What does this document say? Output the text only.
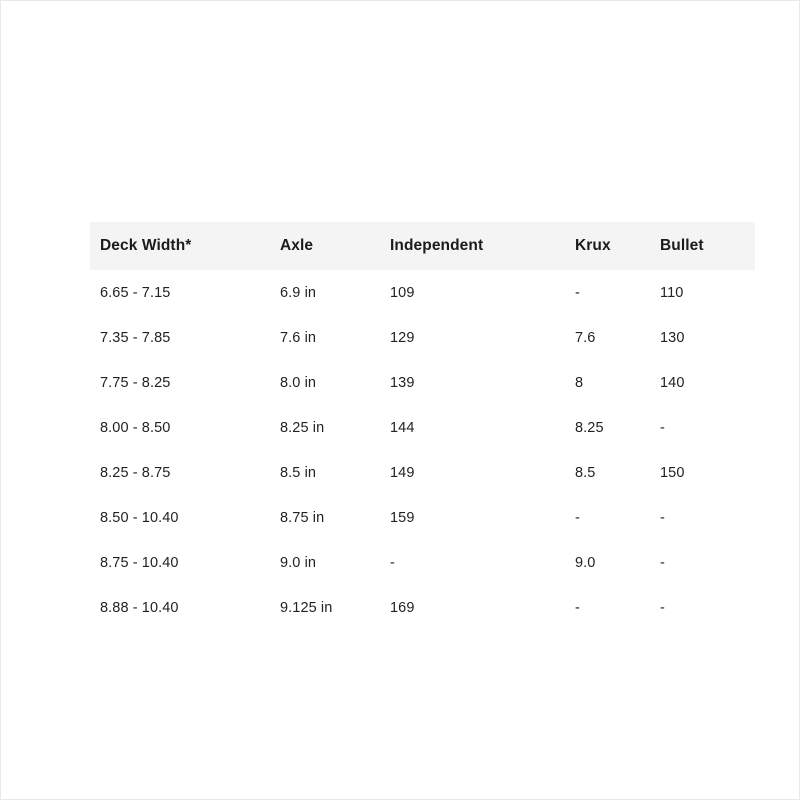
Deck Width*	Axle	Independent	Krux	Bullet
6.65 - 7.15	6.9 in	109	-	110
7.35 - 7.85	7.6 in	129	7.6	130
7.75 - 8.25	8.0 in	139	8	140
8.00 - 8.50	8.25 in	144	8.25	-
8.25 - 8.75	8.5 in	149	8.5	150
8.50 - 10.40	8.75 in	159	-	-
8.75 - 10.40	9.0 in	-	9.0	-
8.88 - 10.40	9.125 in	169	-	-
